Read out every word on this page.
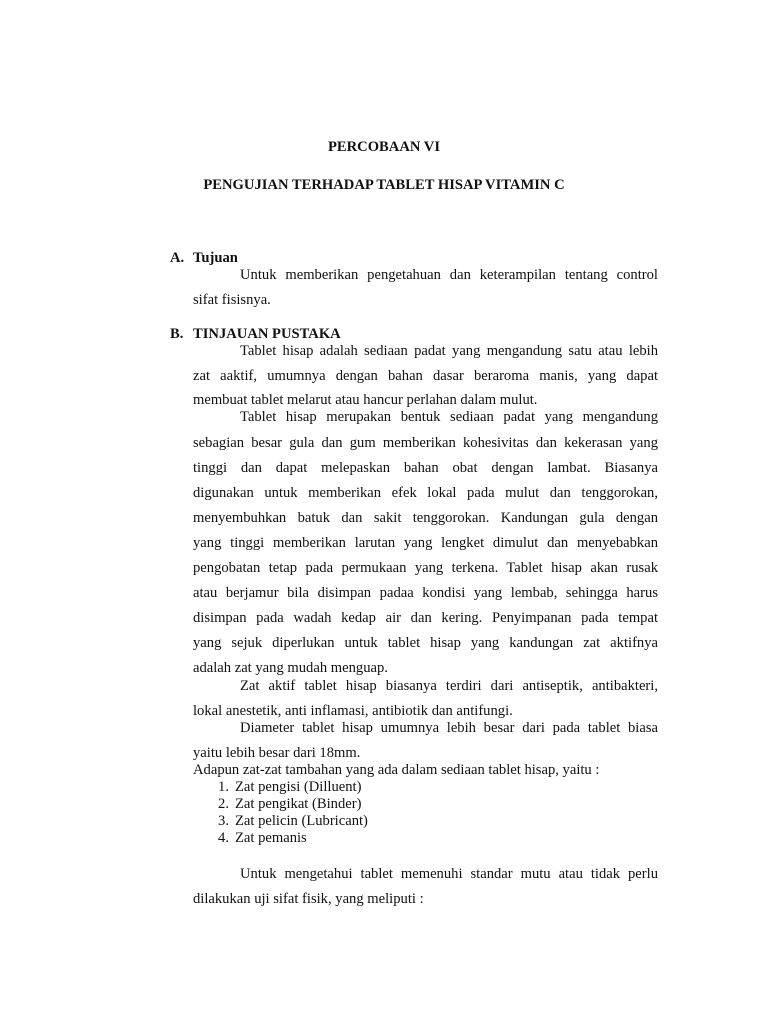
PERCOBAAN VI
PENGUJIAN TERHADAP TABLET HISAP VITAMIN C
A. Tujuan
Untuk memberikan pengetahuan dan keterampilan tentang control
sifat fisisnya.
B. TINJAUAN PUSTAKA
Tablet hisap adalah sediaan padat yang mengandung satu atau lebih
zat aaktif, umumnya dengan bahan dasar beraroma manis, yang dapat
membuat tablet melarut atau hancur perlahan dalam mulut.
Tablet hisap merupakan bentuk sediaan padat yang mengandung
sebagian besar gula dan gum memberikan kohesivitas dan kekerasan yang
tinggi dan dapat melepaskan bahan obat dengan lambat. Biasanya
digunakan untuk memberikan efek lokal pada mulut dan tenggorokan,
menyembuhkan batuk dan sakit tenggorokan. Kandungan gula dengan
yang tinggi memberikan larutan yang lengket dimulut dan menyebabkan
pengobatan tetap pada permukaan yang terkena. Tablet hisap akan rusak
atau berjamur bila disimpan padaa kondisi yang lembab, sehingga harus
disimpan pada wadah kedap air dan kering. Penyimpanan pada tempat
yang sejuk diperlukan untuk tablet hisap yang kandungan zat aktifnya
adalah zat yang mudah menguap.
Zat aktif tablet hisap biasanya terdiri dari antiseptik, antibakteri,
lokal anestetik, anti inflamasi, antibiotik dan antifungi.
Diameter tablet hisap umumnya lebih besar dari pada tablet biasa
yaitu lebih besar dari 18mm.
Adapun zat-zat tambahan yang ada dalam sediaan tablet hisap, yaitu :
1. Zat pengisi (Dilluent)
2. Zat pengikat (Binder)
3. Zat pelicin (Lubricant)
4. Zat pemanis
Untuk mengetahui tablet memenuhi standar mutu atau tidak perlu
dilakukan uji sifat fisik, yang meliputi :
